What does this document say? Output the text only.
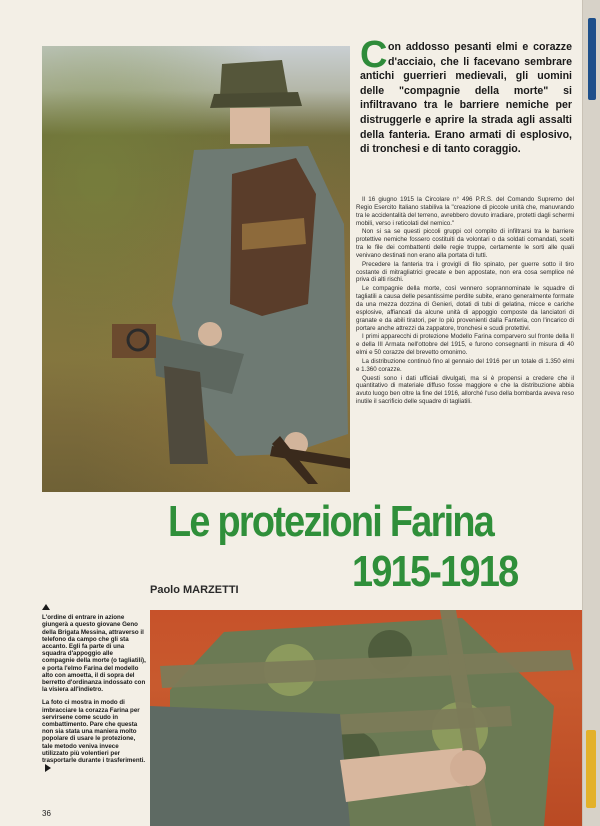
C on addosso pesanti elmi e corazze d'acciaio, che li facevano sembrare antichi guerrieri medievali, gli uomini delle "compagnie della morte" si infiltravano tra le barriere nemiche per distruggerle e aprire la strada agli assalti della fanteria. Erano armati di esplosivo, di tronchesi e di tanto coraggio.

Il 16 giugno 1915 la Circolare n° 496 P.R.S. del Comando Supremo del Regio Esercito Italiano stabiliva la "creazione di piccole unità che, manuvrando tra le accidentalità del terreno, avrebbero dovuto irradiare, protetti dagli schermi mobili, verso i reticolati del nemico."

Non si sa se questi piccoli gruppi col compito di infiltrarsi tra le barriere protettive nemiche fossero costituiti da volontari o da soldati comandati, scelti tra le file dei combattenti delle regie truppe, certamente le sorti alle quali venivano destinati non erano alla portata di tutti.

Precedere la fanteria tra i grovigli di filo spinato, per guerre sotto il tiro costante di mitragliatrici grecate e ben appostate, non era cosa semplice né priva di alti rischi.

Le compagnie della morte, così vennero soprannominate le squadre di tagliatili a causa delle pesantissime perdite subite, erano generalmente formate da una mezza dozzina di Genieri, dotati di tubi di gelatina, micce e cariche esplosive, affiancati da alcune unità di appoggio composte da lanciatori di granate e da abili tiratori, per lo più provenienti dalla Fanteria, con l'incarico di portare anche attrezzi da zappatore, tronchesi e scudi protettivi.

I primi apparecchi di protezione Modello Farina comparvero sul fronte della II e della III Armata nell'ottobre del 1915, e furono consegnanti in misura di 40 elmi e 50 corazze del brevetto omonimo.

La distribuzione continuò fino al gennaio del 1916 per un totale di 1.350 elmi e 1.360 corazze.

Questi sono i dati ufficiali divulgati, ma si è propensi a credere che il quantitativo di materiale diffuso fosse maggiore e che la distribuzione abbia avuto luogo ben oltre la fine del 1916, allorché l'uso della bombarda aveva reso inutile il sacrificio delle squadre di tagliatili.

Le protezioni Farina
1915-1918
Paolo MARZETTI

L'ordine di entrare in azione giungerà a questo giovane Geno della Brigata Messina, attraverso il telefono da campo che gli sta accanto. Egli fa parte di una squadra d'appoggio alle compagnie della morte (o tagliatili), e porta l'elmo Farina del modello alto con amoetta, il di sopra del berretto d'ordinanza indossato con la visiera all'indietro.

La foto ci mostra in modo di imbracciare la corazza Farina per servirsene come scudo in combattimento. Pare che questa non sia stata una maniera molto popolare di usare le protezione, tale metodo veniva invece utilizzato più volentieri per trasportarle durante i trasferimenti.

36
